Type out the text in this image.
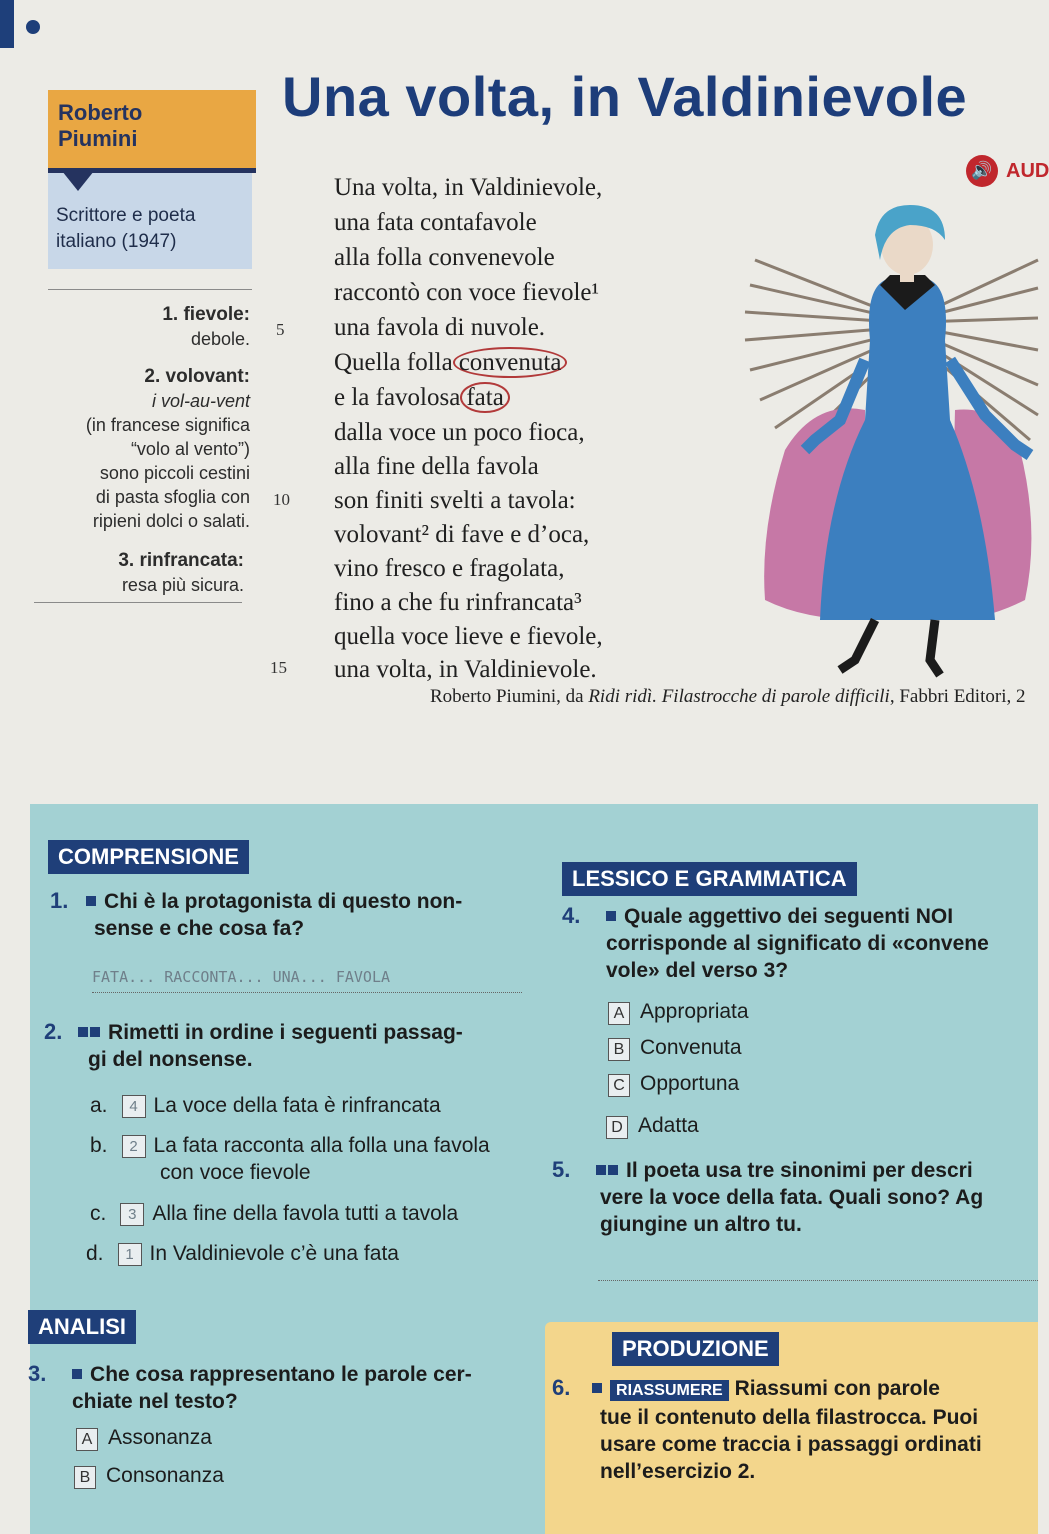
Roberto
Piumini
Scrittore e poeta
italiano (1947)
Una volta, in Valdinievole
🔊 AUD
1. fievole:
debole.
2. volovant:
i vol-au-vent
(in francese significa
“volo al vento”)
sono piccoli cestini
di pasta sfoglia con
ripieni dolci o salati.
3. rinfrancata:
resa più sicura.
Una volta, in Valdinievole,
una fata contafavole
alla folla convenevole
raccontò con voce fievole¹
una favola di nuvole.
Quella folla convenuta
e la favolosa fata
dalla voce un poco fioca,
alla fine della favola
son finiti svelti a tavola:
volovant² di fave e d’oca,
vino fresco e fragolata,
fino a che fu rinfrancata³
quella voce lieve e fievole,
una volta, in Valdinievole.
5
10
15
Roberto Piumini, da Ridi ridì. Filastrocche di parole difficili, Fabbri Editori, 2
COMPRENSIONE
1. Chi è la protagonista di questo non-
sense e che cosa fa?
FATA... RACCONTA... UNA... FAVOLA
2. Rimetti in ordine i seguenti passag-
gi del nonsense.
a. 4 La voce della fata è rinfrancata
b. 2 La fata racconta alla folla una favola
con voce fievole
c. 3 Alla fine della favola tutti a tavola
d. 1 In Valdinievole c’è una fata
ANALISI
3. Che cosa rappresentano le parole cer-
chiate nel testo?
A Assonanza
B Consonanza
LESSICO E GRAMMATICA
4. Quale aggettivo dei seguenti NOI
corrisponde al significato di «convene
vole» del verso 3?
A Appropriata
B Convenuta
C Opportuna
D Adatta
5.	Il poeta usa tre sinonimi per descri
vere la voce della fata. Quali sono? Ag
giungine un altro tu.
PRODUZIONE
6.	RIASSUMERE Riassumi con parole
tue il contenuto della filastrocca. Puoi
usare come traccia i passaggi ordinati
nell’esercizio 2.
